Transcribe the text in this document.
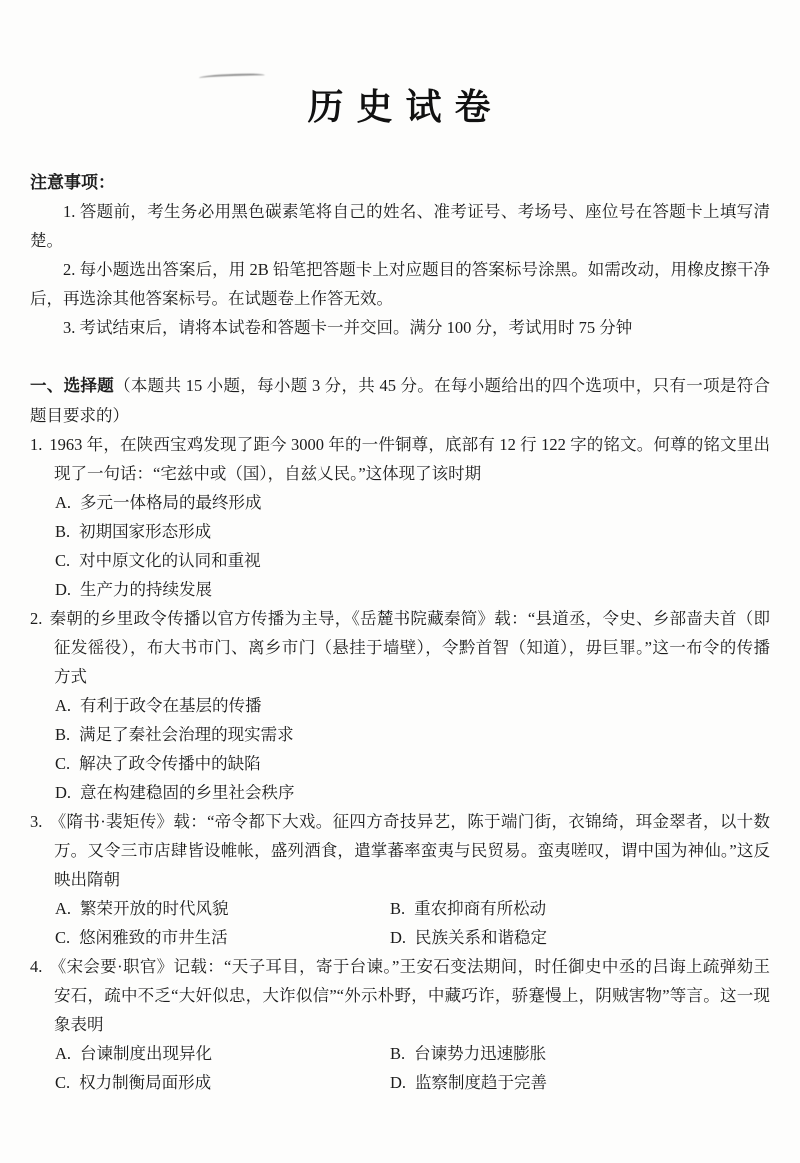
历 史 试 卷

注意事项：

1. 答题前，考生务必用黑色碳素笔将自己的姓名、准考证号、考场号、座位号在答题卡上填写清楚。

2. 每小题选出答案后，用 2B 铅笔把答题卡上对应题目的答案标号涂黑。如需改动，用橡皮擦干净后，再选涂其他答案标号。在试题卷上作答无效。

3. 考试结束后，请将本试卷和答题卡一并交回。满分 100 分，考试用时 75 分钟

一、选择题（本题共 15 小题，每小题 3 分，共 45 分。在每小题给出的四个选项中，只有一项是符合题目要求的）

1. 1963 年，在陕西宝鸡发现了距今 3000 年的一件铜尊，底部有 12 行 122 字的铭文。何尊的铭文里出现了一句话：“宅兹中或（国），自兹乂民。”这体现了该时期

A. 多元一体格局的最终形成

B. 初期国家形态形成

C. 对中原文化的认同和重视

D. 生产力的持续发展

2. 秦朝的乡里政令传播以官方传播为主导，《岳麓书院藏秦简》载：“县道丞，令史、乡部啬夫首（即征发徭役），布大书市门、离乡市门（悬挂于墙壁），令黔首智（知道），毋巨罪。”这一布令的传播方式

A. 有利于政令在基层的传播

B. 满足了秦社会治理的现实需求

C. 解决了政令传播中的缺陷

D. 意在构建稳固的乡里社会秩序

3. 《隋书·裴矩传》载：“帝令都下大戏。征四方奇技异艺，陈于端门街，衣锦绮，珥金翠者，以十数万。又令三市店肆皆设帷帐，盛列酒食，遣掌蕃率蛮夷与民贸易。蛮夷嗟叹，谓中国为神仙。”这反映出隋朝

A. 繁荣开放的时代风貌	B. 重农抑商有所松动

C. 悠闲雅致的市井生活	D. 民族关系和谐稳定

4. 《宋会要·职官》记载：“天子耳目，寄于台谏。”王安石变法期间，时任御史中丞的吕诲上疏弹劾王安石，疏中不乏“大奸似忠，大诈似信”“外示朴野，中藏巧诈，骄蹇慢上，阴贼害物”等言。这一现象表明

A. 台谏制度出现异化	B. 台谏势力迅速膨胀

C. 权力制衡局面形成	D. 监察制度趋于完善
